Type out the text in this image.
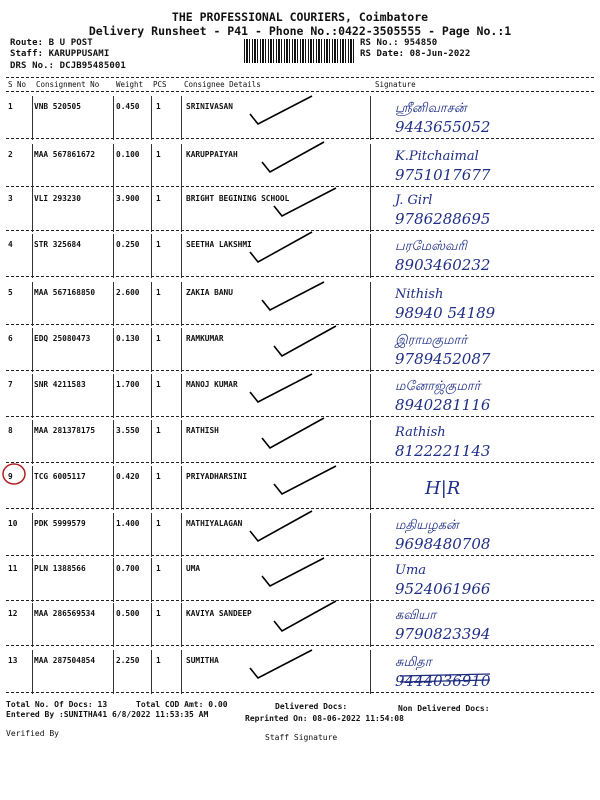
THE PROFESSIONAL COURIERS, Coimbatore
Delivery Runsheet - P41 - Phone No.:0422-3505555 - Page No.:1
Route: B U POST
Staff: KARUPPUSAMI
DRS No.: DCJB95485001
RS No.: 954850
RS Date: 08-Jun-2022
S No Consignment No Weight PCS Consignee Details	Signature
1	VNB 520505	0.450 1	SRINIVASAN	ஸ்ரீனிவாசன்
9443655052
2	MAA 567861672	0.100 1	KARUPPAIYAH	K.Pitchaimal
9751017677
3	VLI 293230	3.900 1	BRIGHT BEGINING SCHOOL	J. Girl
9786288695
4	STR 325684	0.250 1	SEETHA LAKSHMI	பரமேஸ்வரி
8903460232
5	MAA 567168850	2.600 1	ZAKIA BANU	Nithish
98940 54189
6	EDQ 25080473	0.130 1	RAMKUMAR	இராமகுமார்
9789452087
7	SNR 4211583	1.700 1	MANOJ KUMAR	மனோஜ்குமார்
8940281116
8	MAA 281378175	3.550 1	RATHISH	Rathish
8122221143
9	TCG 6005117	0.420 1	PRIYADHARSINI
H|R
10 PDK 5999579	1.400 1	MATHIYALAGAN	மதியழகன்
9698480708
11 PLN 1388566	0.700 1	UMA	Uma
9524061966
12 MAA 286569534	0.500 1	KAVIYA SANDEEP	கவியா
9790823394
13 MAA 287504854	2.250 1	SUMITHA	சுமிதா
9444036910
Total No. Of Docs: 13	Total COD Amt: 0.00	Delivered Docs:	Non Delivered Docs:
Entered By :SUNITHA41 6/8/2022 11:53:35 AM	Reprinted On: 08-06-2022 11:54:08
Verified By	Staff Signature
